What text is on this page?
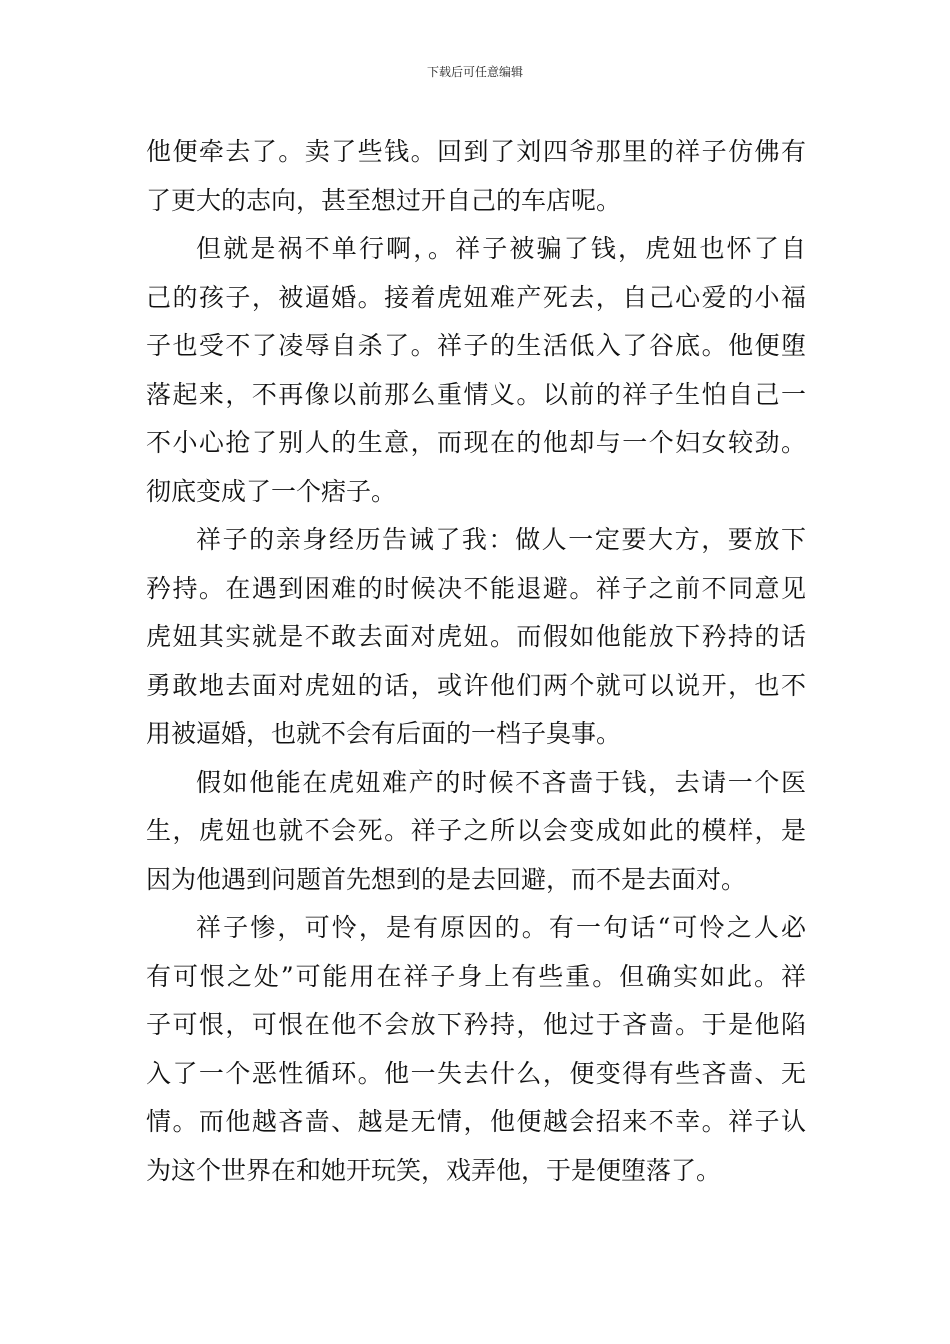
下载后可任意编辑
他便牵去了。卖了些钱。回到了刘四爷那里的祥子仿佛有
了更大的志向，甚至想过开自己的车店呢。
但就是祸不单行啊，。祥子被骗了钱，虎妞也怀了自
己的孩子，被逼婚。接着虎妞难产死去，自己心爱的小福
子也受不了凌辱自杀了。祥子的生活低入了谷底。他便堕
落起来，不再像以前那么重情义。以前的祥子生怕自己一
不小心抢了别人的生意，而现在的他却与一个妇女较劲。
彻底变成了一个痞子。
祥子的亲身经历告诫了我：做人一定要大方，要放下
矜持。在遇到困难的时候决不能退避。祥子之前不同意见
虎妞其实就是不敢去面对虎妞。而假如他能放下矜持的话
勇敢地去面对虎妞的话，或许他们两个就可以说开，也不
用被逼婚，也就不会有后面的一档子臭事。
假如他能在虎妞难产的时候不吝啬于钱，去请一个医
生，虎妞也就不会死。祥子之所以会变成如此的模样，是
因为他遇到问题首先想到的是去回避，而不是去面对。
祥子惨，可怜，是有原因的。有一句话“可怜之人必
有可恨之处”可能用在祥子身上有些重。但确实如此。祥
子可恨，可恨在他不会放下矜持，他过于吝啬。于是他陷
入了一个恶性循环。他一失去什么，便变得有些吝啬、无
情。而他越吝啬、越是无情，他便越会招来不幸。祥子认
为这个世界在和她开玩笑，戏弄他，于是便堕落了。
